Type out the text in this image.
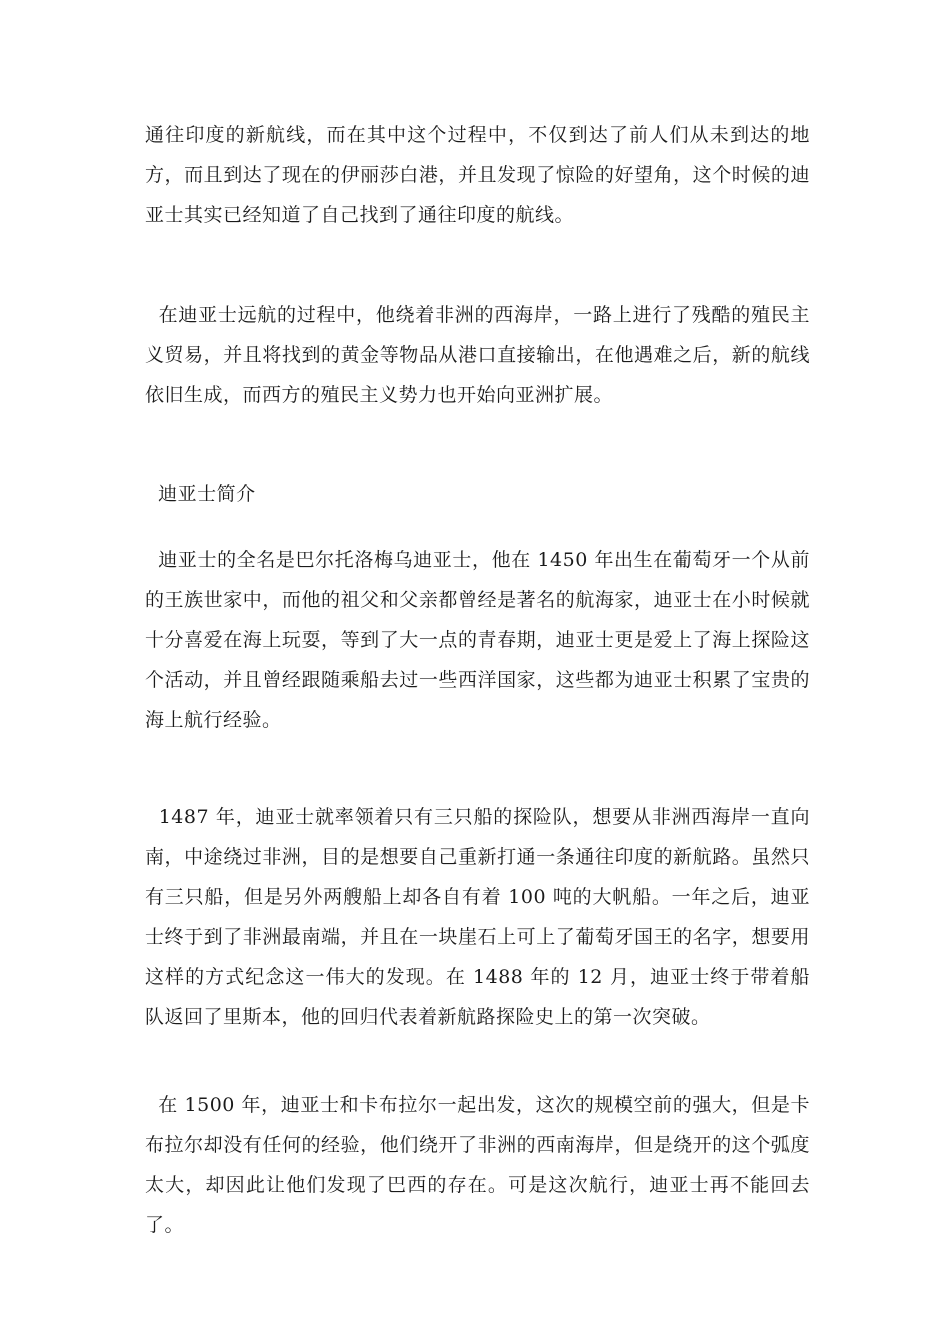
通往印度的新航线，而在其中这个过程中，不仅到达了前人们从未到达的地方，而且到达了现在的伊丽莎白港，并且发现了惊险的好望角，这个时候的迪亚士其实已经知道了自己找到了通往印度的航线。

在迪亚士远航的过程中，他绕着非洲的西海岸，一路上进行了残酷的殖民主义贸易，并且将找到的黄金等物品从港口直接输出，在他遇难之后，新的航线依旧生成，而西方的殖民主义势力也开始向亚洲扩展。

迪亚士简介

迪亚士的全名是巴尔托洛梅乌迪亚士，他在 1450 年出生在葡萄牙一个从前的王族世家中，而他的祖父和父亲都曾经是著名的航海家，迪亚士在小时候就十分喜爱在海上玩耍，等到了大一点的青春期，迪亚士更是爱上了海上探险这个活动，并且曾经跟随乘船去过一些西洋国家，这些都为迪亚士积累了宝贵的海上航行经验。

1487 年，迪亚士就率领着只有三只船的探险队，想要从非洲西海岸一直向南，中途绕过非洲，目的是想要自己重新打通一条通往印度的新航路。虽然只有三只船，但是另外两艘船上却各自有着 100 吨的大帆船。一年之后，迪亚士终于到了非洲最南端，并且在一块崖石上可上了葡萄牙国王的名字，想要用这样的方式纪念这一伟大的发现。在 1488 年的 12 月，迪亚士终于带着船队返回了里斯本，他的回归代表着新航路探险史上的第一次突破。

在 1500 年，迪亚士和卡布拉尔一起出发，这次的规模空前的强大，但是卡布拉尔却没有任何的经验，他们绕开了非洲的西南海岸，但是绕开的这个弧度太大，却因此让他们发现了巴西的存在。可是这次航行，迪亚士再不能回去了。
